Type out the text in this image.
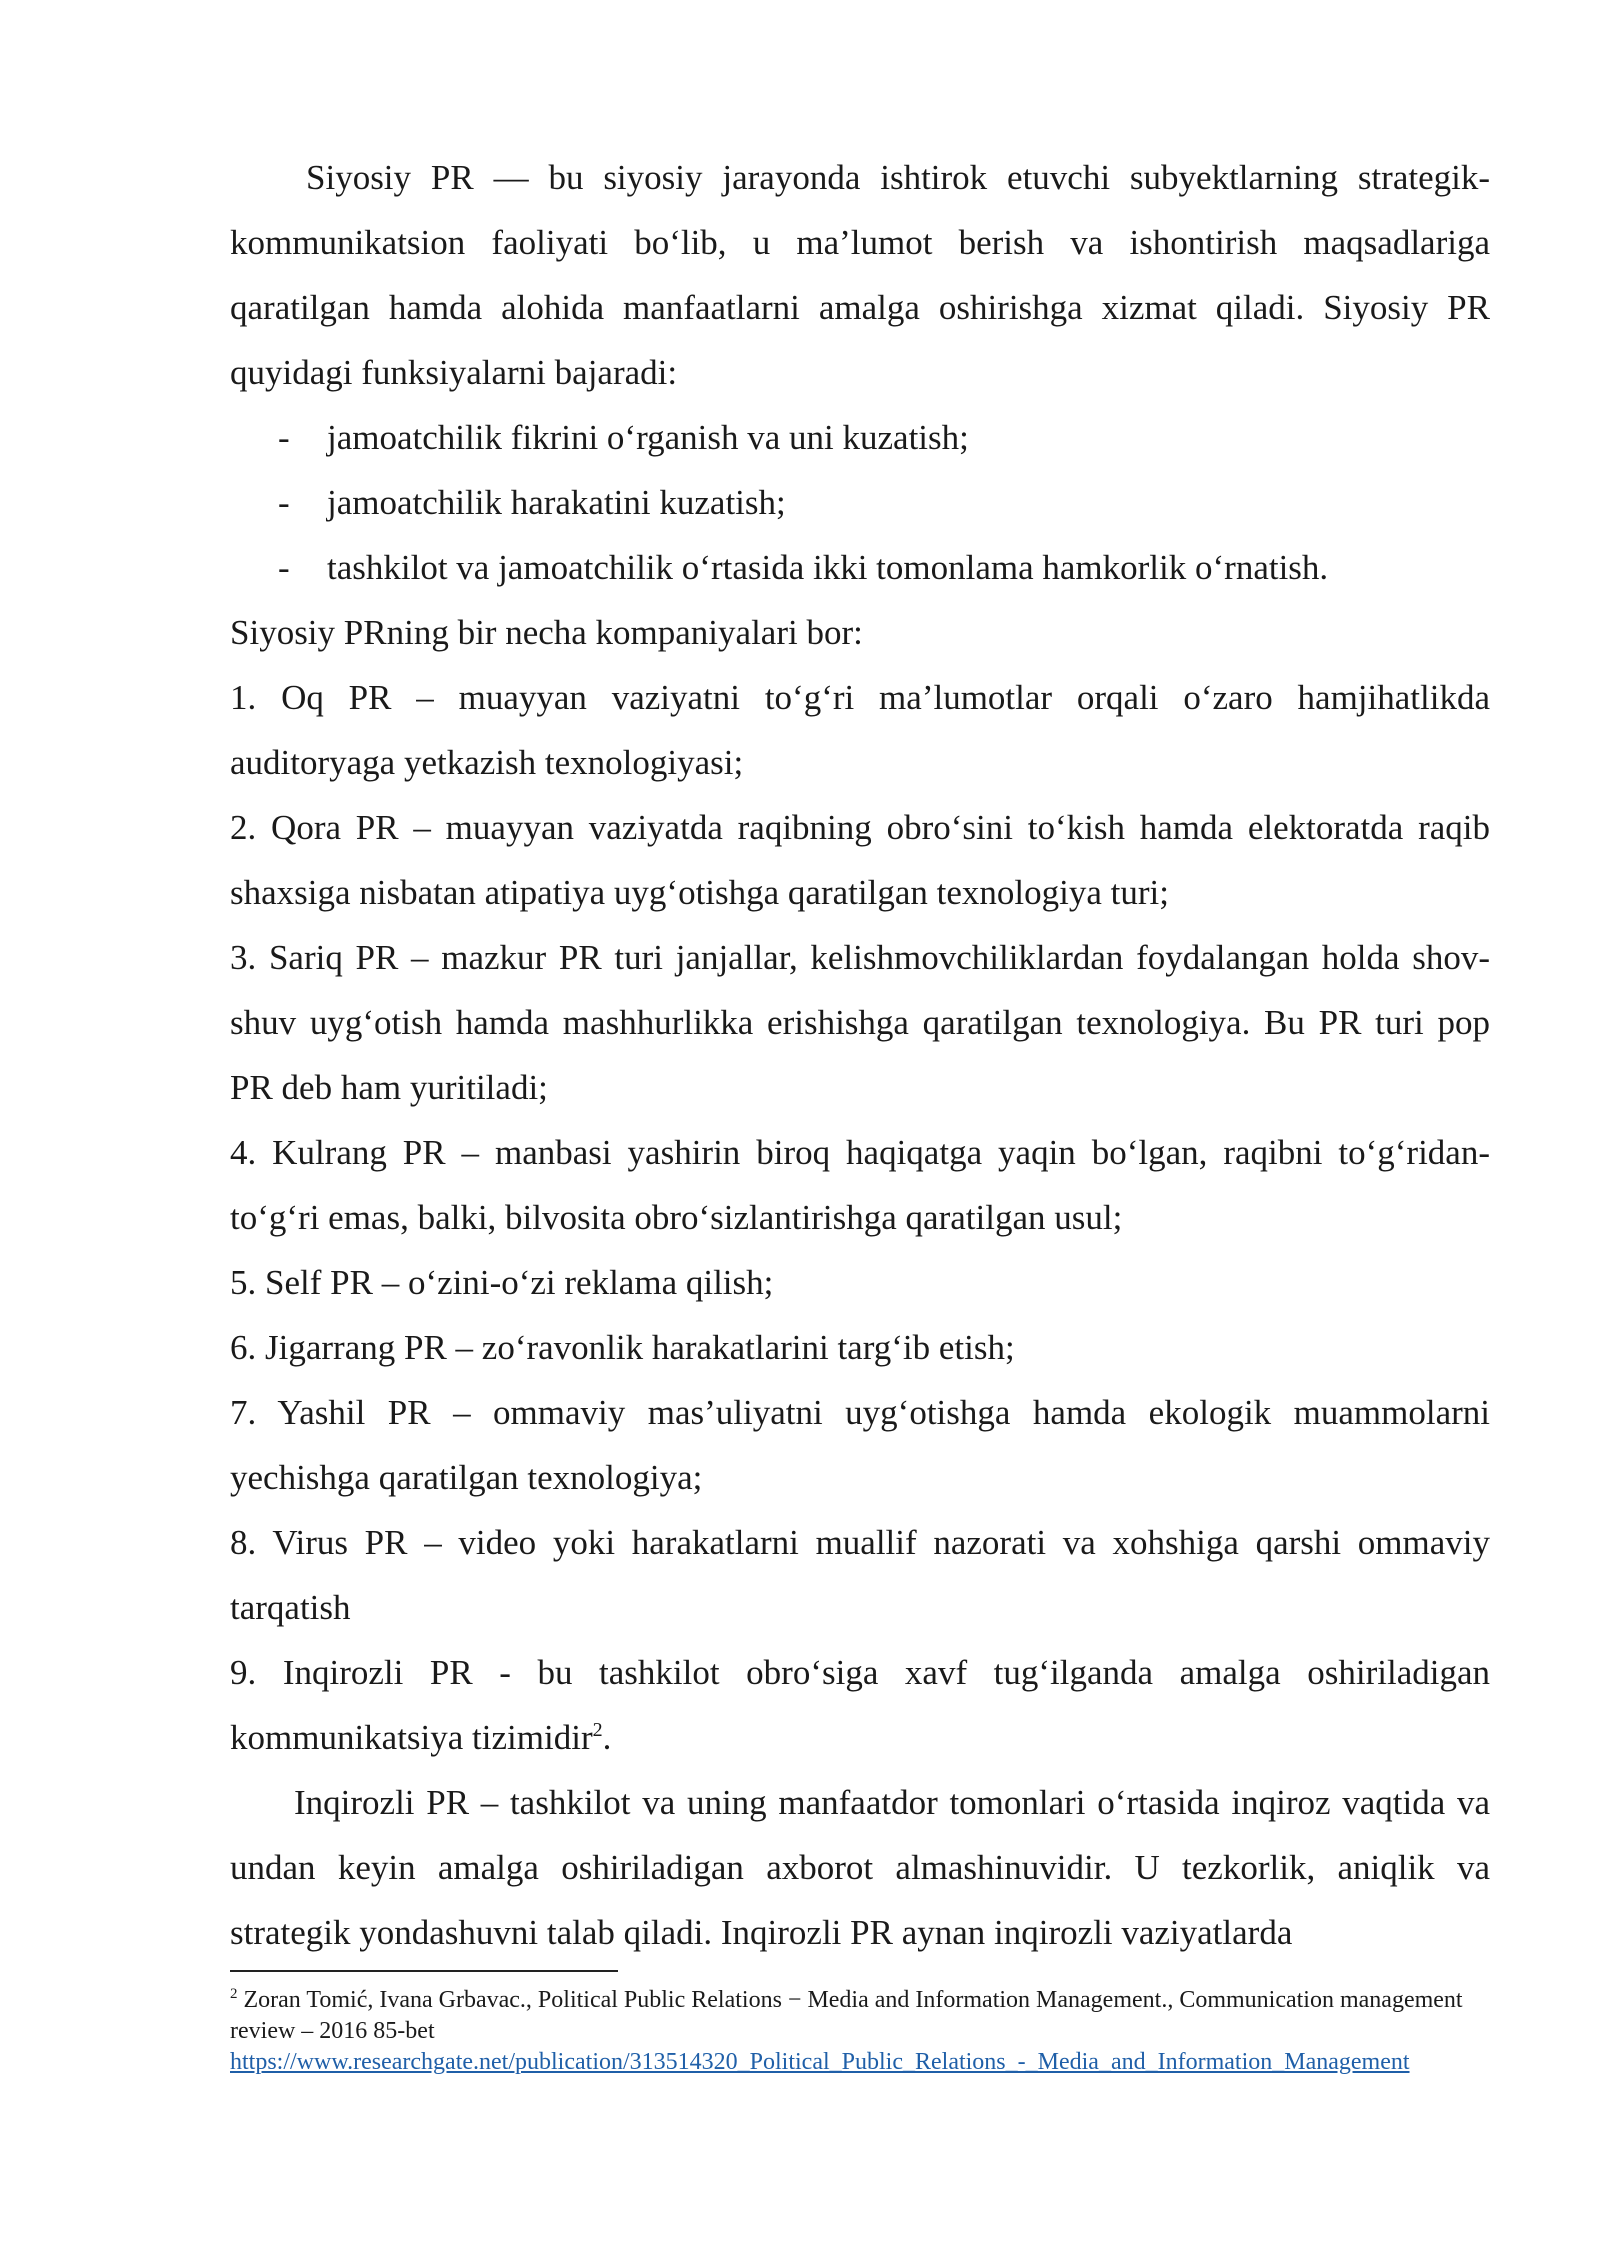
Siyosiy PR — bu siyosiy jarayonda ishtirok etuvchi subyektlarning strategik-kommunikatsion faoliyati bo‘lib, u ma’lumot berish va ishontirish maqsadlariga qaratilgan hamda alohida manfaatlarni amalga oshirishga xizmat qiladi. Siyosiy PR quyidagi funksiyalarni bajaradi:

- jamoatchilik fikrini o‘rganish va uni kuzatish;
- jamoatchilik harakatini kuzatish;
- tashkilot va jamoatchilik o‘rtasida ikki tomonlama hamkorlik o‘rnatish.

Siyosiy PRning bir necha kompaniyalari bor:

1. Oq PR – muayyan vaziyatni to‘g‘ri ma’lumotlar orqali o‘zaro hamjihatlikda auditoryaga yetkazish texnologiyasi;

2. Qora PR – muayyan vaziyatda raqibning obro‘sini to‘kish hamda elektoratda raqib shaxsiga nisbatan atipatiya uyg‘otishga qaratilgan texnologiya turi;

3. Sariq PR – mazkur PR turi janjallar, kelishmovchiliklardan foydalangan holda shov-shuv uyg‘otish hamda mashhurlikka erishishga qaratilgan texnologiya. Bu PR turi pop PR deb ham yuritiladi;

4. Kulrang PR – manbasi yashirin biroq haqiqatga yaqin bo‘lgan, raqibni to‘g‘ridan-to‘g‘ri emas, balki, bilvosita obro‘sizlantirishga qaratilgan usul;

5. Self PR – o‘zini-o‘zi reklama qilish;

6. Jigarrang PR – zo‘ravonlik harakatlarini targ‘ib etish;

7. Yashil PR – ommaviy mas’uliyatni uyg‘otishga hamda ekologik muammolarni yechishga qaratilgan texnologiya;

8. Virus PR – video yoki harakatlarni muallif nazorati va xohshiga qarshi ommaviy tarqatish

9. Inqirozli PR - bu tashkilot obro‘siga xavf tug‘ilganda amalga oshiriladigan kommunikatsiya tizimidir$^2$.

Inqirozli PR – tashkilot va uning manfaatdor tomonlari o‘rtasida inqiroz vaqtida va undan keyin amalga oshiriladigan axborot almashinuvidir. U tezkorlik, aniqlik va strategik yondashuvni talab qiladi. Inqirozli PR aynan inqirozli vaziyatlarda

$^2$ Zoran Tomić, Ivana Grbavac., Political Public Relations − Media and Information Management., Communication management review – 2016 85-bet

https://www.researchgate.net/publication/313514320_Political_Public_Relations_-_Media_and_Information_Management
